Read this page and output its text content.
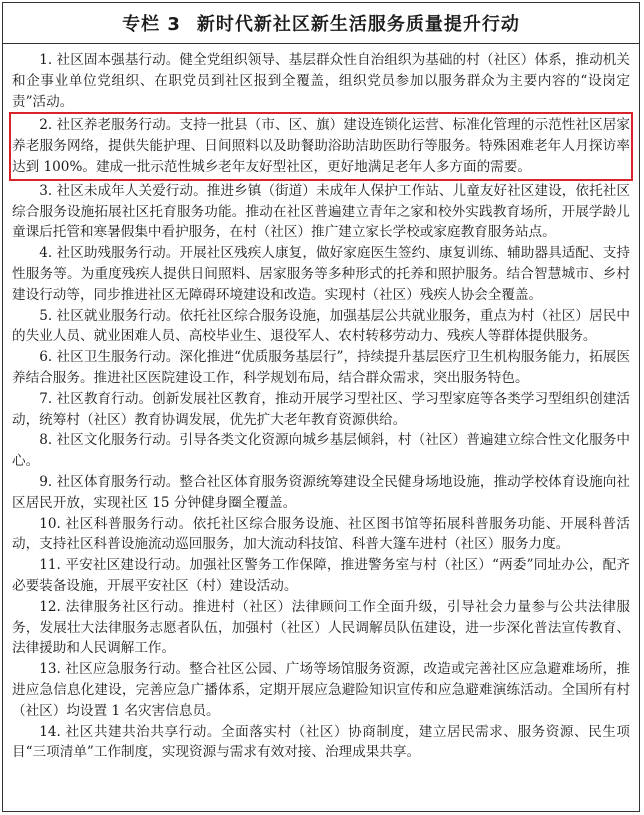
专栏 3 新时代新社区新生活服务质量提升行动

1. 社区固本强基行动。健全党组织领导、基层群众性自治组织为基础的村（社区）体系，推动机关和企事业单位党组织、在职党员到社区报到全覆盖，组织党员参加以服务群众为主要内容的“设岗定责”活动。

2. 社区养老服务行动。支持一批县（市、区、旗）建设连锁化运营、标准化管理的示范性社区居家养老服务网络，提供失能护理、日间照料以及助餐助浴助洁助医助行等服务。特殊困难老年人月探访率达到 100%。建成一批示范性城乡老年友好型社区，更好地满足老年人多方面的需要。

3. 社区未成年人关爱行动。推进乡镇（街道）未成年人保护工作站、儿童友好社区建设，依托社区综合服务设施拓展社区托育服务功能。推动在社区普遍建立青年之家和校外实践教育场所，开展学龄儿童课后托管和寒暑假集中看护服务，在村（社区）推广建立家长学校或家庭教育服务站点。

4. 社区助残服务行动。开展社区残疾人康复，做好家庭医生签约、康复训练、辅助器具适配、支持性服务等。为重度残疾人提供日间照料、居家服务等多种形式的托养和照护服务。结合智慧城市、乡村建设行动等，同步推进社区无障碍环境建设和改造。实现村（社区）残疾人协会全覆盖。

5. 社区就业服务行动。依托社区综合服务设施，加强基层公共就业服务，重点为村（社区）居民中的失业人员、就业困难人员、高校毕业生、退役军人、农村转移劳动力、残疾人等群体提供服务。

6. 社区卫生服务行动。深化推进“优质服务基层行”，持续提升基层医疗卫生机构服务能力，拓展医养结合服务。推进社区医院建设工作，科学规划布局，结合群众需求，突出服务特色。

7. 社区教育行动。创新发展社区教育，推动开展学习型社区、学习型家庭等各类学习型组织创建活动，统筹村（社区）教育协调发展，优先扩大老年教育资源供给。

8. 社区文化服务行动。引导各类文化资源向城乡基层倾斜，村（社区）普遍建立综合性文化服务中心。

9. 社区体育服务行动。整合社区体育服务资源统筹建设全民健身场地设施，推动学校体育设施向社区居民开放，实现社区 15 分钟健身圈全覆盖。

10. 社区科普服务行动。依托社区综合服务设施、社区图书馆等拓展科普服务功能、开展科普活动，支持社区科普设施流动巡回服务，加大流动科技馆、科普大篷车进村（社区）服务力度。

11. 平安社区建设行动。加强社区警务工作保障，推进警务室与村（社区）“两委”同址办公，配齐必要装备设施，开展平安社区（村）建设活动。

12. 法律服务社区行动。推进村（社区）法律顾问工作全面升级，引导社会力量参与公共法律服务，发展壮大法律服务志愿者队伍，加强村（社区）人民调解员队伍建设，进一步深化普法宣传教育、法律援助和人民调解工作。

13. 社区应急服务行动。整合社区公园、广场等场馆服务资源，改造或完善社区应急避难场所，推进应急信息化建设，完善应急广播体系，定期开展应急避险知识宣传和应急避难演练活动。全国所有村（社区）均设置 1 名灾害信息员。

14. 社区共建共治共享行动。全面落实村（社区）协商制度，建立居民需求、服务资源、民生项目“三项清单”工作制度，实现资源与需求有效对接、治理成果共享。
